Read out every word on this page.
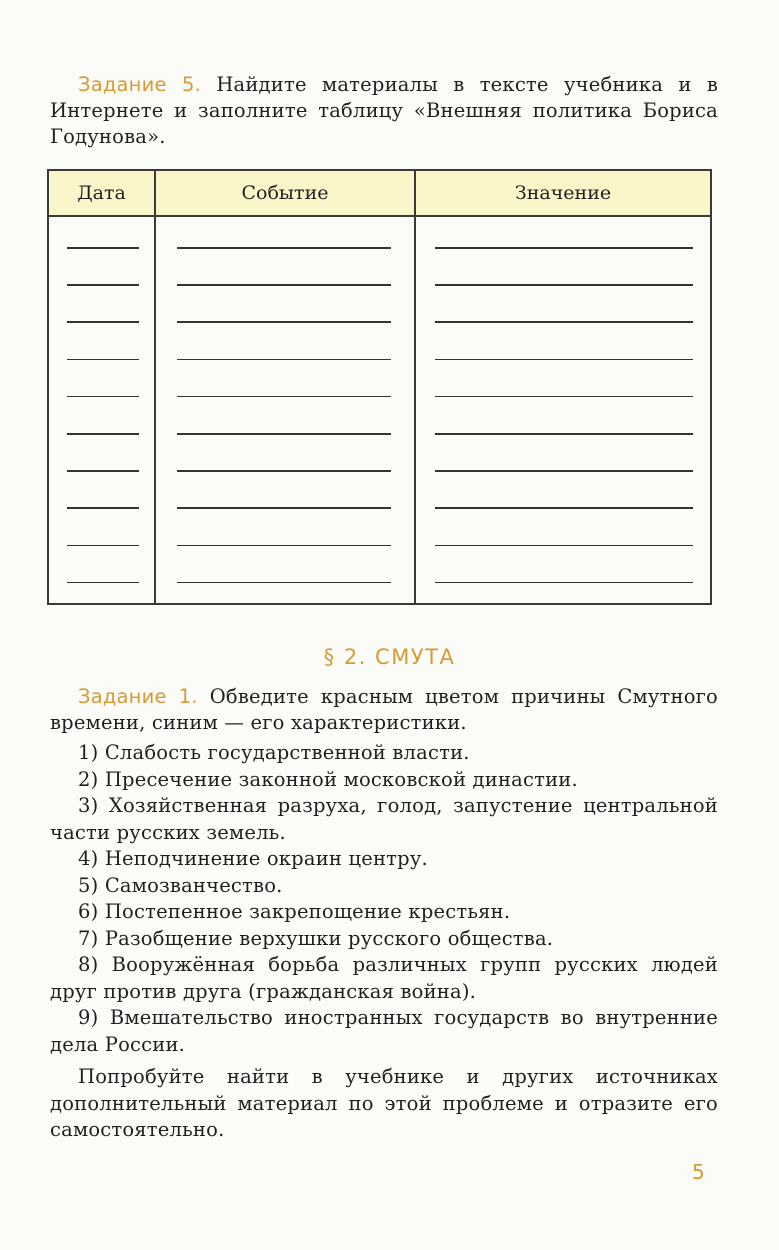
Задание 5. Найдите материалы в тексте учебника и в Интернете и заполните таблицу «Внешняя политика Бориса Годунова».

Дата	Событие	Значение
§ 2. СМУТА

Задание 1. Обведите красным цветом причины Смутного времени, синим — его характеристики.

1) Слабость государственной власти.
2) Пресечение законной московской династии.
3) Хозяйственная разруха, голод, запустение центральной части русских земель.
4) Неподчинение окраин центру.
5) Самозванчество.
6) Постепенное закрепощение крестьян.
7) Разобщение верхушки русского общества.
8) Вооружённая борьба различных групп русских людей друг против друга (гражданская война).
9) Вмешательство иностранных государств во внутренние дела России.

Попробуйте найти в учебнике и других источниках дополнительный материал по этой проблеме и отразите его самостоятельно.

5
